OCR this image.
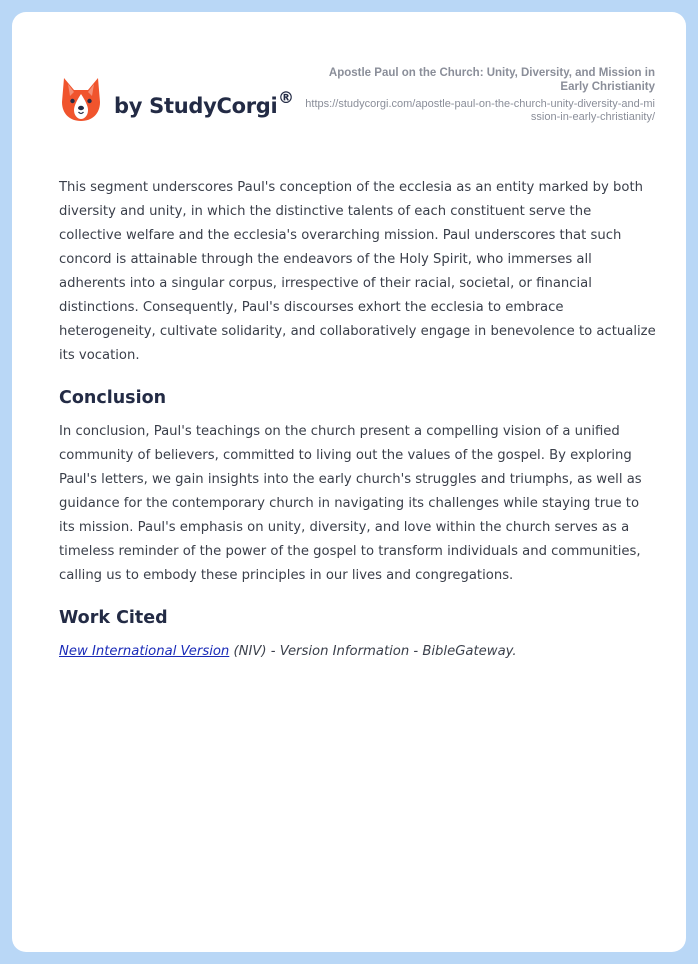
by StudyCorgi ®
Apostle Paul on the Church: Unity, Diversity, and Mission in Early Christianity
https://studycorgi.com/apostle-paul-on-the-church-unity-diversity-and-mission-in-early-christianity/

This segment underscores Paul's conception of the ecclesia as an entity marked by both diversity and unity, in which the distinctive talents of each constituent serve the collective welfare and the ecclesia's overarching mission. Paul underscores that such concord is attainable through the endeavors of the Holy Spirit, who immerses all adherents into a singular corpus, irrespective of their racial, societal, or financial distinctions. Consequently, Paul's discourses exhort the ecclesia to embrace heterogeneity, cultivate solidarity, and collaboratively engage in benevolence to actualize its vocation.

Conclusion

In conclusion, Paul's teachings on the church present a compelling vision of a unified community of believers, committed to living out the values of the gospel. By exploring Paul's letters, we gain insights into the early church's struggles and triumphs, as well as guidance for the contemporary church in navigating its challenges while staying true to its mission. Paul's emphasis on unity, diversity, and love within the church serves as a timeless reminder of the power of the gospel to transform individuals and communities, calling us to embody these principles in our lives and congregations.

Work Cited

New International Version (NIV) - Version Information - BibleGateway.
